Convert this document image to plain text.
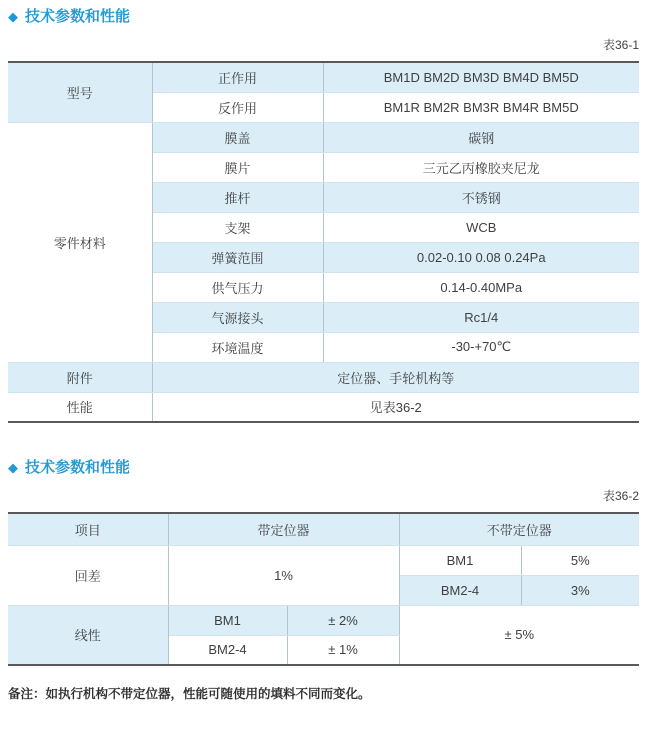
◆ 技术参数和性能
表36-1
型号	正作用	BM1D BM2D BM3D BM4D BM5D
	反作用	BM1R BM2R BM3R BM4R BM5D
零件材料	膜盖	碳钢
	膜片	三元乙丙橡胶夹尼龙
	推杆	不锈钢
	支架	WCB
	弹簧范围	0.02-0.10 0.08 0.24Pa
	供气压力	0.14-0.40MPa
	气源接头	Rc1/4
	环境温度	-30-+70℃
附件	定位器、手轮机构等	
性能	见表36-2	
◆ 技术参数和性能
表36-2
项目	带定位器		不带定位器	
回差	1%		BM1	5%
			BM2-4	3%
线性	BM1	± 2%	± 5%	
	BM2-4	± 1%		
备注：如执行机构不带定位器，性能可随使用的填料不同而变化。
